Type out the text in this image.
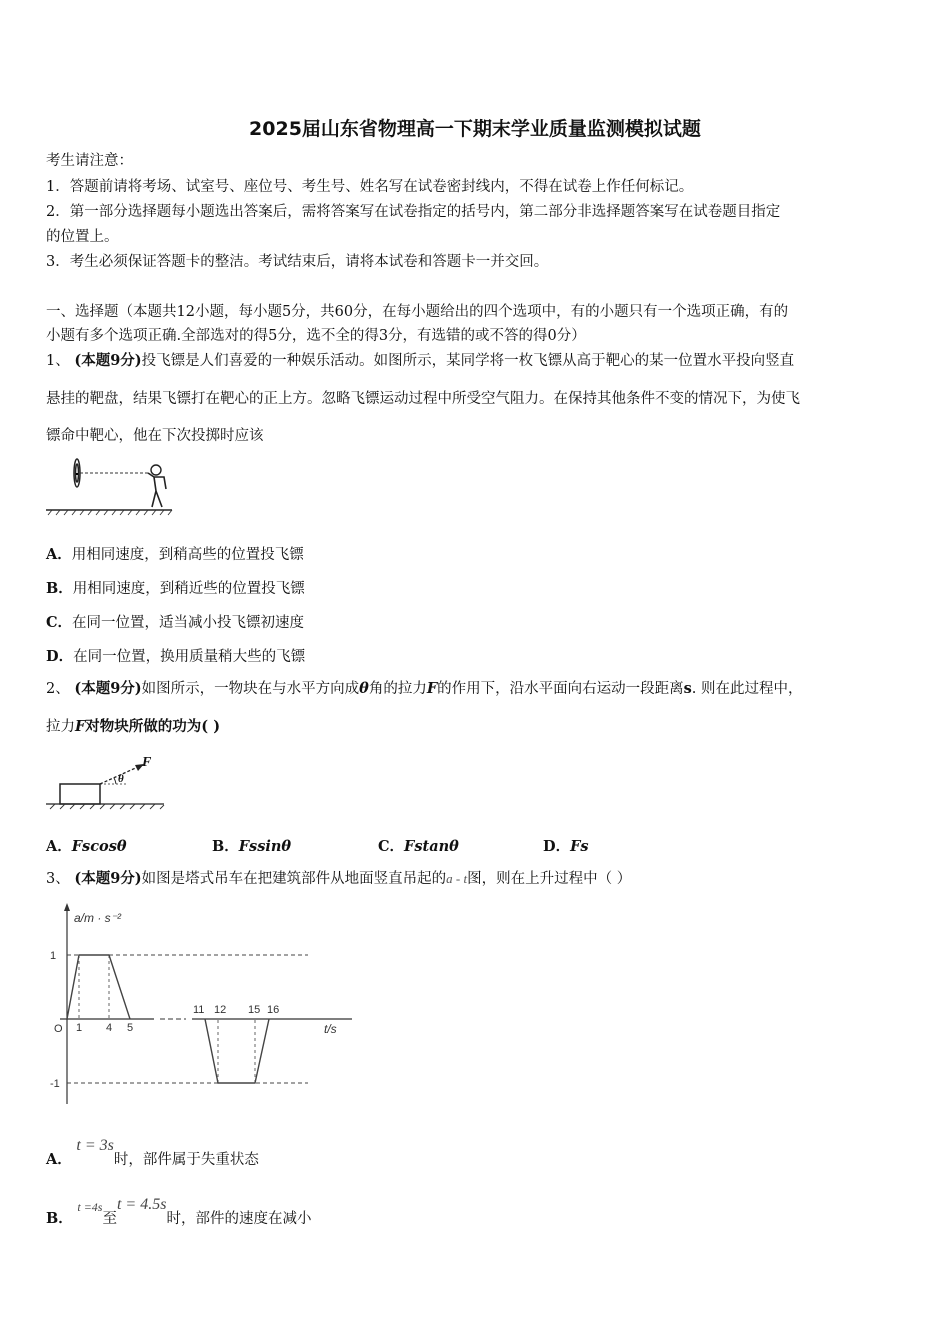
2025届山东省物理高一下期末学业质量监测模拟试题
考生请注意：
1．答题前请将考场、试室号、座位号、考生号、姓名写在试卷密封线内，不得在试卷上作任何标记。
2．第一部分选择题每小题选出答案后，需将答案写在试卷指定的括号内，第二部分非选择题答案写在试卷题目指定
的位置上。
3．考生必须保证答题卡的整洁。考试结束后，请将本试卷和答题卡一并交回。
一、选择题（本题共12小题，每小题5分，共60分，在每小题给出的四个选项中，有的小题只有一个选项正确，有的
小题有多个选项正确.全部选对的得5分，选不全的得3分，有选错的或不答的得0分）
1、 (本题9分)投飞镖是人们喜爱的一种娱乐活动。如图所示，某同学将一枚飞镖从高于靶心的某一位置水平投向竖直
悬挂的靶盘，结果飞镖打在靶心的正上方。忽略飞镖运动过程中所受空气阻力。在保持其他条件不变的情况下，为使飞
镖命中靶心，他在下次投掷时应该
A．用相同速度，到稍高些的位置投飞镖
B．用相同速度，到稍近些的位置投飞镖
C．在同一位置，适当减小投飞镖初速度
D．在同一位置，换用质量稍大些的飞镖
2、 (本题9分)如图所示，一物块在与水平方向成θ角的拉力F的作用下，沿水平面向右运动一段距离s. 则在此过程中，
拉力F对物块所做的功为( )
F
θ
A．Fscosθ	B．Fssinθ	C．Fstanθ	D．Fs
3、 (本题9分)如图是塔式吊车在把建筑部件从地面竖直吊起的a - t图，则在上升过程中（ ）
a/m · s⁻²
t/s
O
1
-1
1 4 5
11 12 15 16
A． t = 3s时，部件属于失重状态
B． $^{t =4s}$至t = 4.5s时，部件的速度在减小
